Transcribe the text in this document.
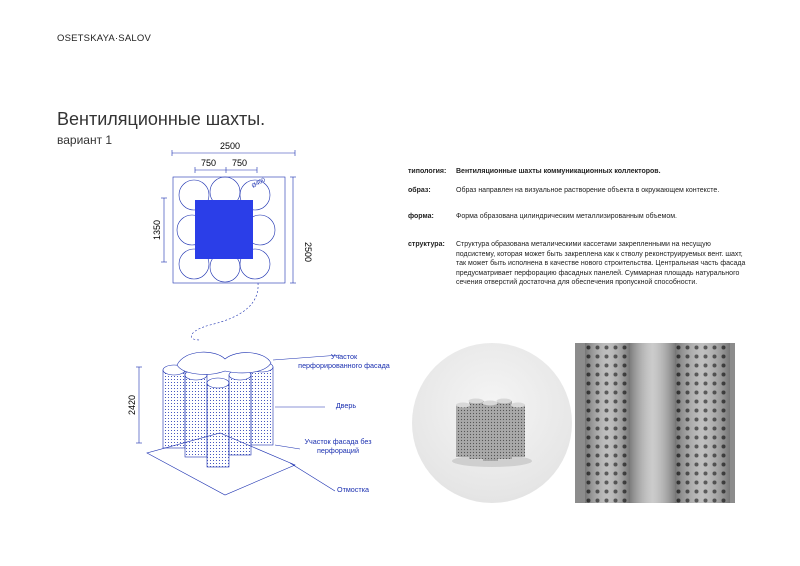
OSETSKAYA·SALOV
Вентиляционные шахты.
вариант 1	2500
750 750
Ø400
1350
2500
2420
Участок перфорированного фасада
Дверь
Участок фасада без перфораций
Отмостка
типология:	Вентиляционные шахты коммуникационных коллекторов.
образ:	Образ направлен на визуальное растворение объекта в окружающем контексте.
форма:	Форма образована цилиндрическим металлизированным объемом.
структура:	Структура образована металическими кассетами закрепленными на несущую подсистему, которая может быть закреплена как к стволу реконструируемых вент. шахт, так может быть исполнена в качестве нового строительства. Центральная часть фасада предусматривает перфорацию фасадных панелей. Суммарная площадь натурального сечения отверстий достаточна для обеспечения пропускной способности.
